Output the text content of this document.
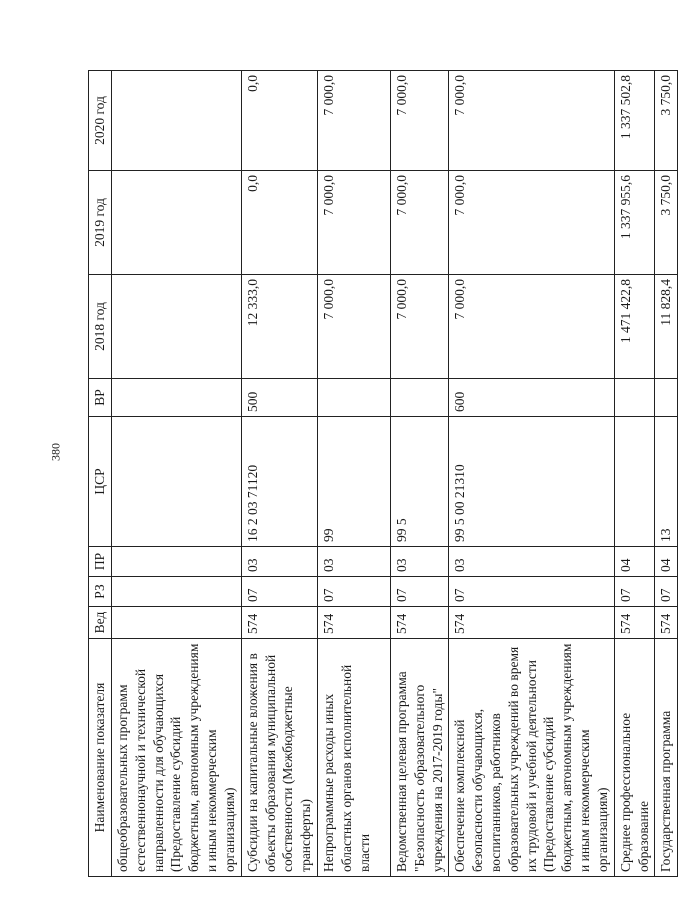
380
Наименование показателя	Вед	РЗ	ПР	ЦСР	ВР	2018 год	2019 год	2020 год
общеобразовательных программ естественнонаучной и технической направленности для обучающихся (Предоставление субсидий бюджетным, автономным учреждениям и иным некоммерческим организациям)								
Субсидии на капитальные вложения в объекты образования муниципальной собственности (Межбюджетные трансферты)	574	07	03	16 2 03 71120	500	12 333,0	0,0	0,0
Непрограммные расходы иных областных органов исполнительной власти	574	07	03	99		7 000,0	7 000,0	7 000,0
Ведомственная целевая программа "Безопасность образовательного учреждения на 2017-2019 годы"	574	07	03	99 5		7 000,0	7 000,0	7 000,0
Обеспечение комплексной безопасности обучающихся, воспитанников, работников образовательных учреждений во время их трудовой и учебной деятельности (Предоставление субсидий бюджетным, автономным учреждениям и иным некоммерческим организациям)	574	07	03	99 5 00 21310	600	7 000,0	7 000,0	7 000,0
Среднее профессиональное образование	574	07	04			1 471 422,8	1 337 955,6	1 337 502,8
Государственная программа	574	07	04	13		11 828,4	3 750,0	3 750,0
